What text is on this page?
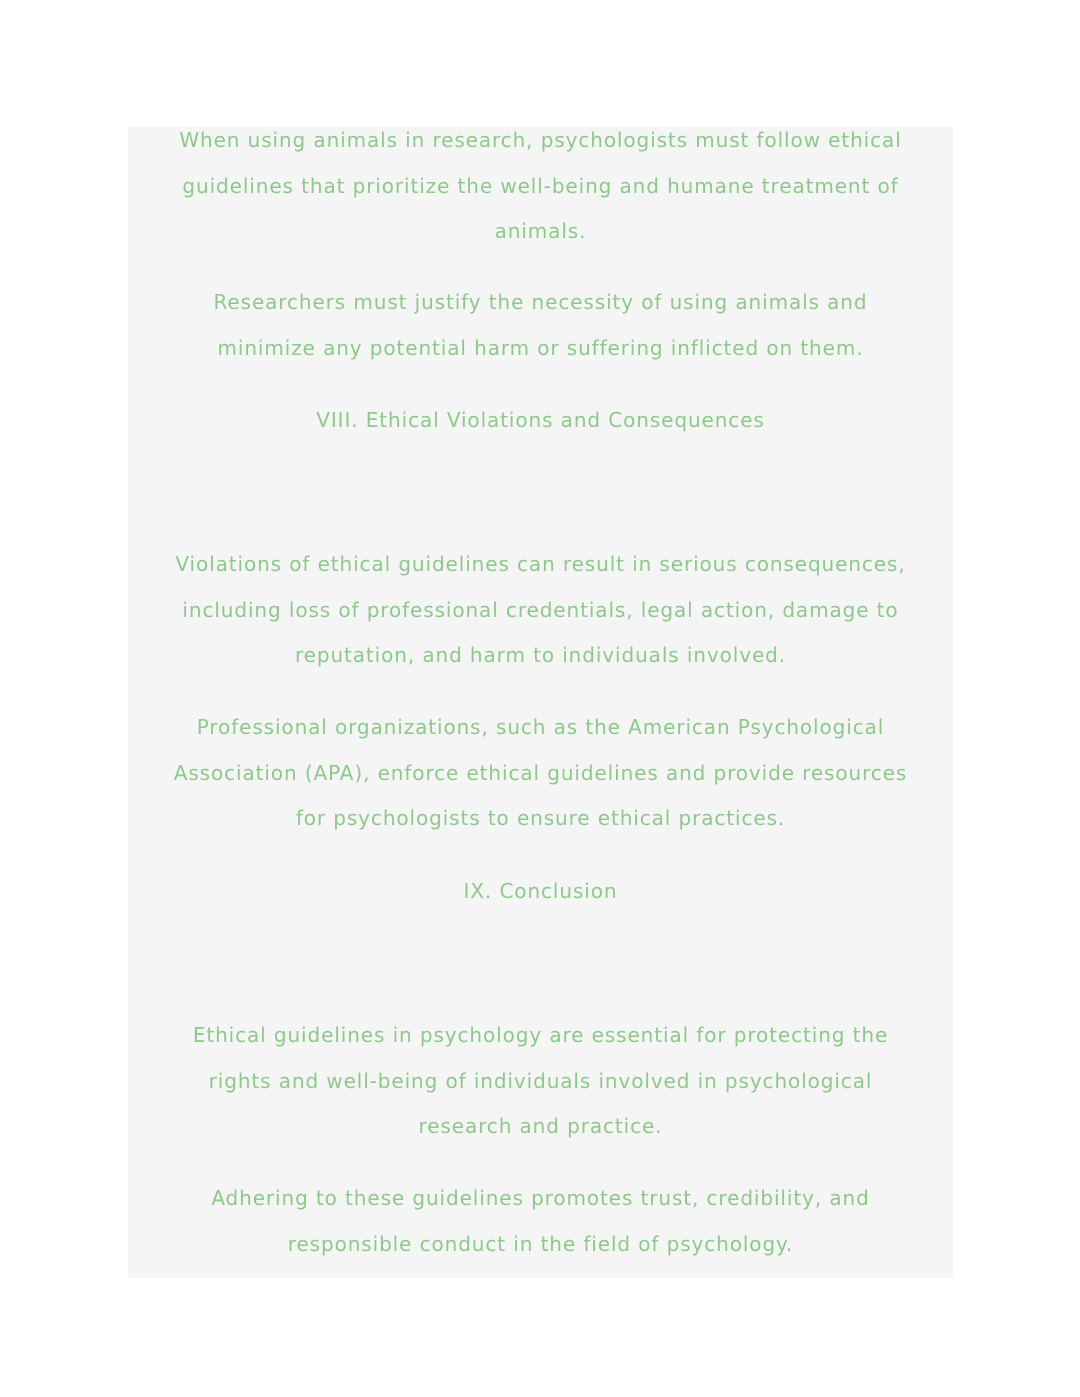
When using animals in research, psychologists must follow ethical
guidelines that prioritize the well-being and humane treatment of
animals.

Researchers must justify the necessity of using animals and
minimize any potential harm or suffering inflicted on them.

VIII. Ethical Violations and Consequences

Violations of ethical guidelines can result in serious consequences,
including loss of professional credentials, legal action, damage to
reputation, and harm to individuals involved.

Professional organizations, such as the American Psychological
Association (APA), enforce ethical guidelines and provide resources
for psychologists to ensure ethical practices.

IX. Conclusion

Ethical guidelines in psychology are essential for protecting the
rights and well-being of individuals involved in psychological
research and practice.

Adhering to these guidelines promotes trust, credibility, and
responsible conduct in the field of psychology.
